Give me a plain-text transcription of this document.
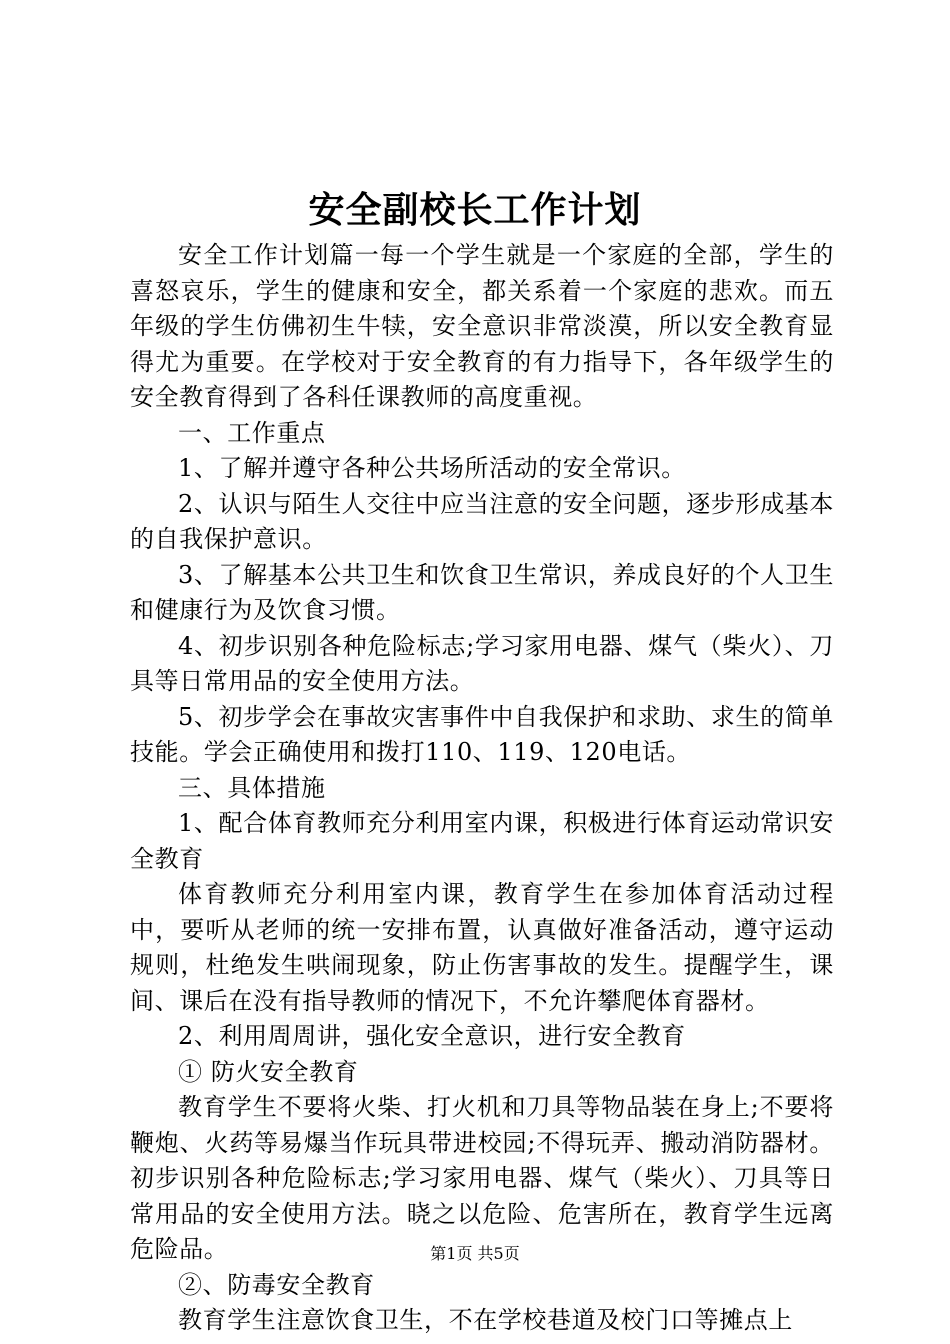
安全副校长工作计划

安全工作计划篇一每一个学生就是一个家庭的全部，学生的喜怒哀乐，学生的健康和安全，都关系着一个家庭的悲欢。而五年级的学生仿佛初生牛犊，安全意识非常淡漠，所以安全教育显得尤为重要。在学校对于安全教育的有力指导下，各年级学生的安全教育得到了各科任课教师的高度重视。

一、工作重点

1、了解并遵守各种公共场所活动的安全常识。

2、认识与陌生人交往中应当注意的安全问题，逐步形成基本的自我保护意识。

3、了解基本公共卫生和饮食卫生常识，养成良好的个人卫生和健康行为及饮食习惯。

4、初步识别各种危险标志;学习家用电器、煤气（柴火）、刀具等日常用品的安全使用方法。

5、初步学会在事故灾害事件中自我保护和求助、求生的简单技能。学会正确使用和拨打110、119、120电话。

三、具体措施

1、配合体育教师充分利用室内课，积极进行体育运动常识安全教育

体育教师充分利用室内课，教育学生在参加体育活动过程中，要听从老师的统一安排布置，认真做好准备活动，遵守运动规则，杜绝发生哄闹现象，防止伤害事故的发生。提醒学生，课间、课后在没有指导教师的情况下，不允许攀爬体育器材。

2、利用周周讲，强化安全意识，进行安全教育

① 防火安全教育

教育学生不要将火柴、打火机和刀具等物品装在身上;不要将鞭炮、火药等易爆当作玩具带进校园;不得玩弄、搬动消防器材。初步识别各种危险标志;学习家用电器、煤气（柴火）、刀具等日常用品的安全使用方法。晓之以危险、危害所在，教育学生远离危险品。

②、防毒安全教育

教育学生注意饮食卫生，不在学校巷道及校门口等摊点上

第1页 共5页
